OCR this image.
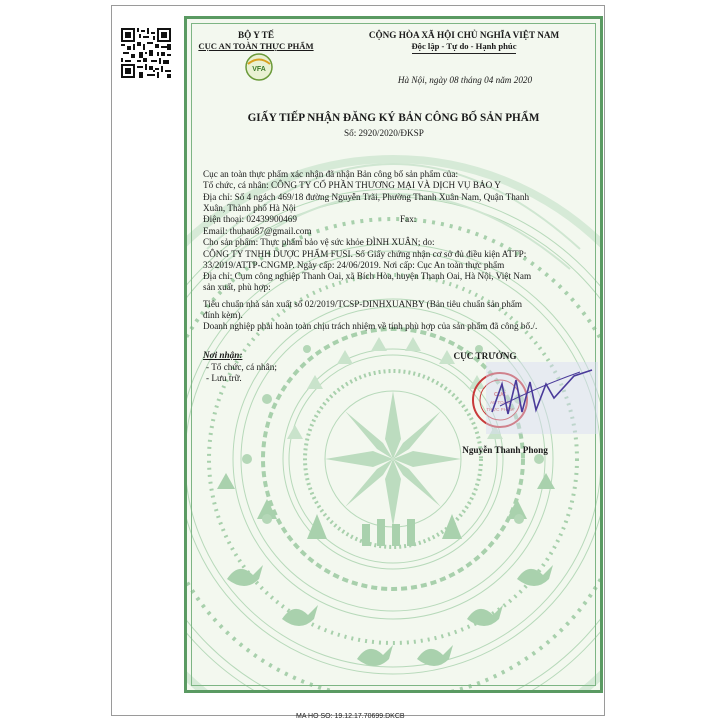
BỘ Y TẾ
CỤC AN TOÀN THỰC PHẨM
VFA
CỘNG HÒA XÃ HỘI CHỦ NGHĨA VIỆT NAM
Độc lập - Tự do - Hạnh phúc
Hà Nội, ngày 08 tháng 04 năm 2020
GIẤY TIẾP NHẬN ĐĂNG KÝ BẢN CÔNG BỐ SẢN PHẨM
Số: 2920/2020/ĐKSP
Cục an toàn thực phẩm xác nhận đã nhận Bản công bố sản phẩm của:
Tổ chức, cá nhân: CÔNG TY CỔ PHẦN THƯƠNG MẠI VÀ DỊCH VỤ BẢO Y
Địa chỉ: Số 4 ngách 469/18 đường Nguyễn Trãi, Phường Thanh Xuân Nam, Quận Thanh
Xuân, Thành phố Hà Nội
Điện thoại: 02439900469	Fax:
Email: thuhau87@gmail.com
Cho sản phẩm: Thực phẩm bảo vệ sức khỏe ĐÌNH XUÂN; do:
CÔNG TY TNHH DƯỢC PHẨM FUSI. Số Giấy chứng nhận cơ sở đủ điều kiện ATTP:
33/2019/ATTP-CNGMP. Ngày cấp: 24/06/2019. Nơi cấp: Cục An toàn thực phẩm
Địa chỉ: Cụm công nghiệp Thanh Oai, xã Bích Hòa, huyện Thanh Oai, Hà Nội, Việt Nam
sản xuất, phù hợp:
Tiêu chuẩn nhà sản xuất số 02/2019/TCSP-DINHXUANBY (Bản tiêu chuẩn sản phẩm
đính kèm).
Doanh nghiệp phải hoàn toàn chịu trách nhiệm về tính phù hợp của sản phẩm đã công bố./.
Nơi nhận:
- Tổ chức, cá nhân;
- Lưu trữ.
CỤC TRƯỞNG
CỤC
AN TOÀN
THỰC PHẨM
Nguyễn Thanh Phong
MA HO SO: 19.12.17.70699.DKCB
